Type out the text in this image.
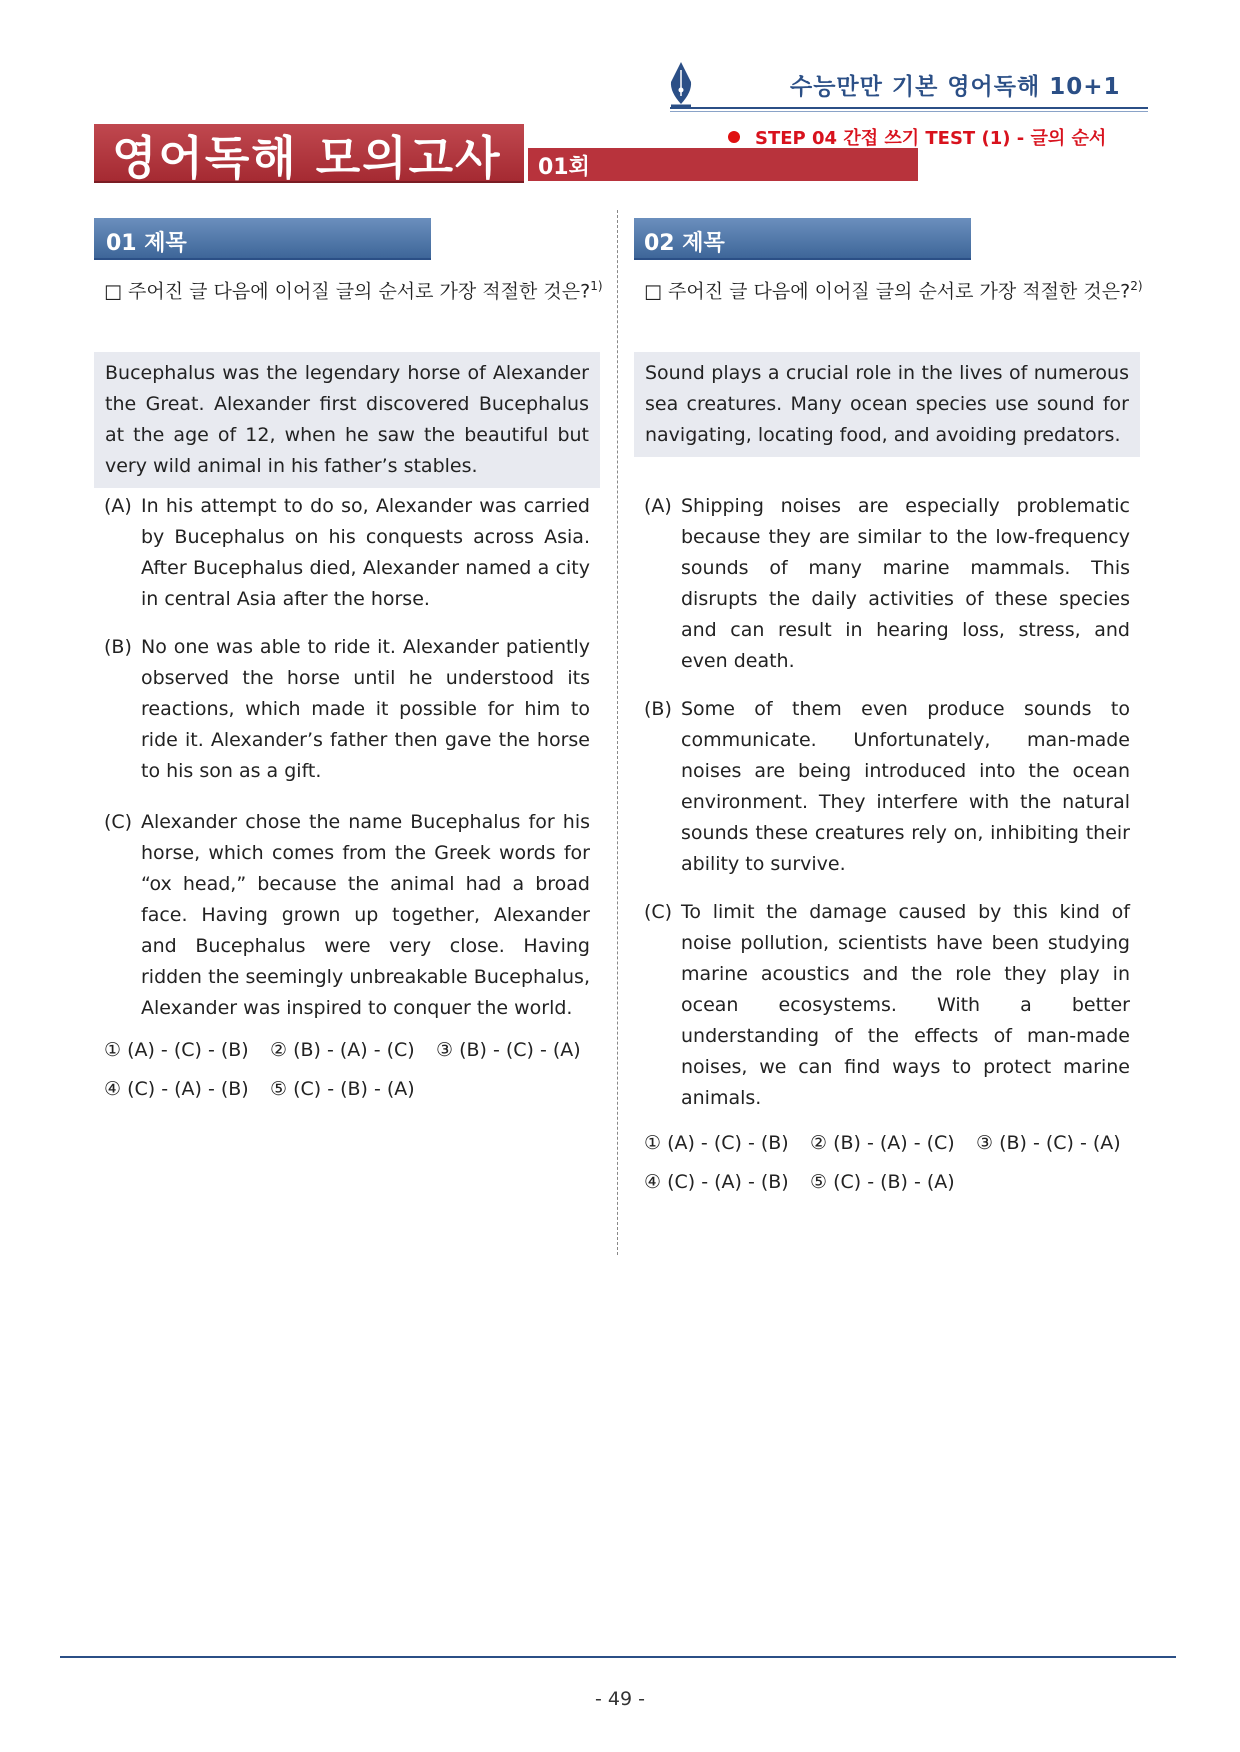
수능만만 기본 영어독해 10+1
영어독해 모의고사 01회
STEP 04 간접 쓰기 TEST (1) - 글의 순서
01 제목
□ 주어진 글 다음에 이어질 글의 순서로 가장 적절한 것은?$^{1)}$
Bucephalus was the legendary horse of Alexander the Great. Alexander first discovered Bucephalus at the age of 12, when he saw the beautiful but very wild animal in his father’s stables.
(A) In his attempt to do so, Alexander was carried by Bucephalus on his conquests across Asia. After Bucephalus died, Alexander named a city in central Asia after the horse.
(B) No one was able to ride it. Alexander patiently observed the horse until he understood its reactions, which made it possible for him to ride it. Alexander’s father then gave the horse to his son as a gift.
(C) Alexander chose the name Bucephalus for his horse, which comes from the Greek words for “ox head,” because the animal had a broad face. Having grown up together, Alexander and Bucephalus were very close. Having ridden the seemingly unbreakable Bucephalus, Alexander was inspired to conquer the world.
① (A) - (C) - (B) ② (B) - (A) - (C) ③ (B) - (C) - (A)
④ (C) - (A) - (B) ⑤ (C) - (B) - (A)
02 제목
□ 주어진 글 다음에 이어질 글의 순서로 가장 적절한 것은?$^{2)}$
Sound plays a crucial role in the lives of numerous sea creatures. Many ocean species use sound for navigating, locating food, and avoiding predators.
(A) Shipping noises are especially problematic because they are similar to the low-frequency sounds of many marine mammals. This disrupts the daily activities of these species and can result in hearing loss, stress, and even death.
(B) Some of them even produce sounds to communicate. Unfortunately, man-made noises are being introduced into the ocean environment. They interfere with the natural sounds these creatures rely on, inhibiting their ability to survive.
(C) To limit the damage caused by this kind of noise pollution, scientists have been studying marine acoustics and the role they play in ocean ecosystems. With a better understanding of the effects of man-made noises, we can find ways to protect marine animals.
① (A) - (C) - (B) ② (B) - (A) - (C) ③ (B) - (C) - (A)
④ (C) - (A) - (B) ⑤ (C) - (B) - (A)
- 49 -
